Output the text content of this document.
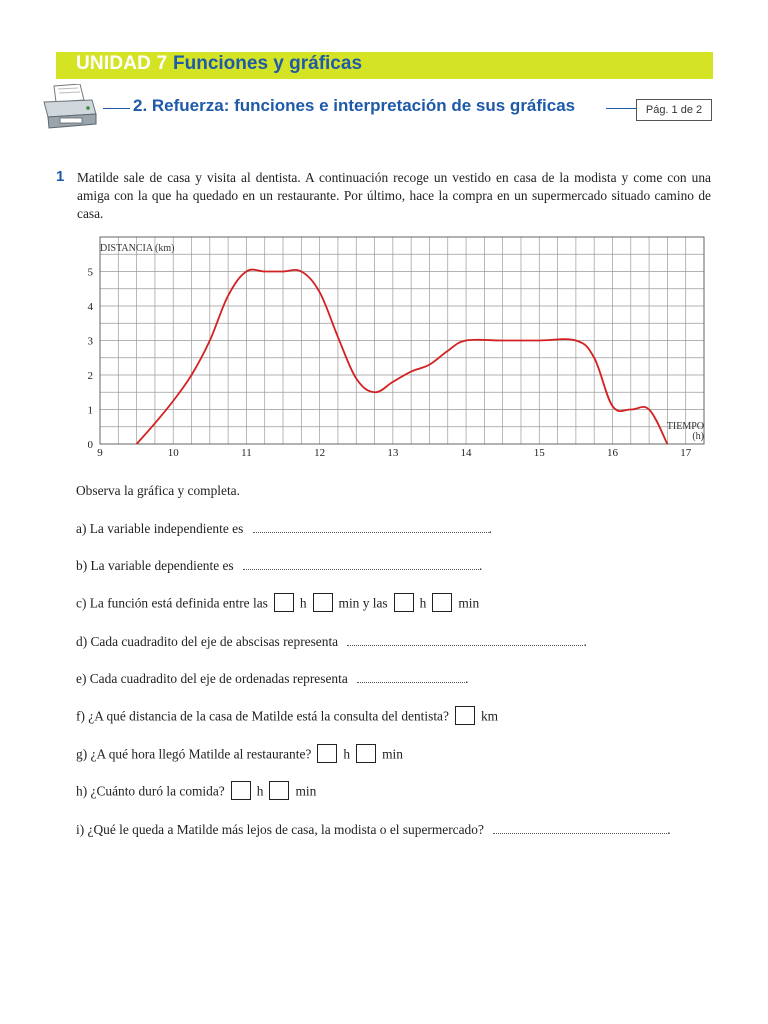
UNIDAD 7 Funciones y gráficas
2. Refuerza: funciones e interpretación de sus gráficas	Pág. 1 de 2
1 Matilde sale de casa y visita al dentista. A continuación recoge un vestido en casa de la modista y come con una amiga con la que ha quedado en un restaurante. Por último, hace la compra en un supermercado situado camino de casa.
9	10	11	12	13	14	15	16	17
0
1
2
3
4
5
DISTANCIA (km)
TIEMPO
(h)
Observa la gráfica y completa.
a) La variable independiente es	.
b) La variable dependiente es	.
c) La función está definida entre las h min y las h min
d) Cada cuadradito del eje de abscisas representa	.
e) Cada cuadradito del eje de ordenadas representa	.
f) ¿A qué distancia de la casa de Matilde está la consulta del dentista? km
g) ¿A qué hora llegó Matilde al restaurante? h min
h) ¿Cuánto duró la comida? h min
i) ¿Qué le queda a Matilde más lejos de casa, la modista o el supermercado?	.
